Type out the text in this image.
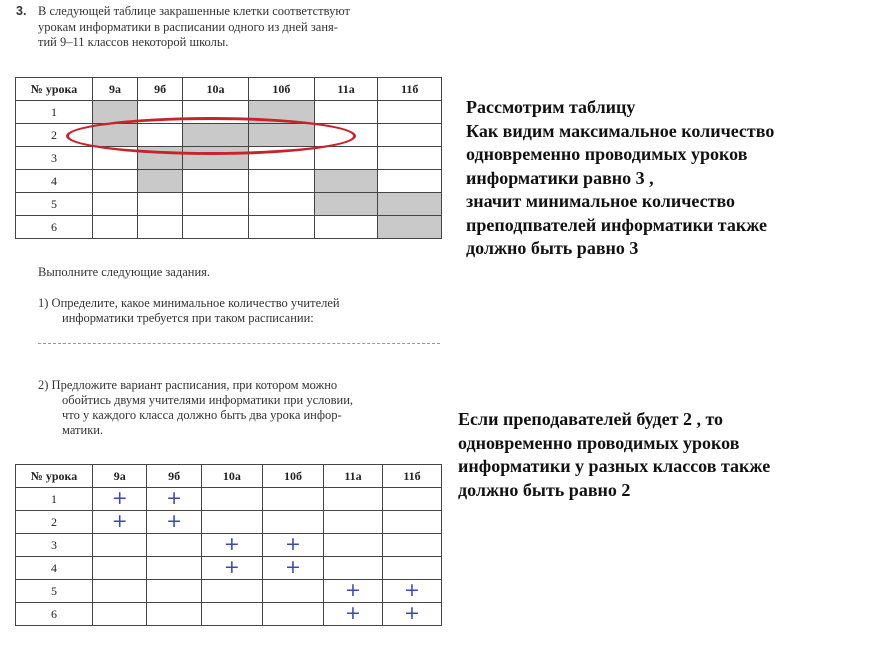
3. В следующей таблице закрашенные клетки соответствуют
урокам информатики в расписании одного из дней заня-
тий 9–11 классов некоторой школы.
№ урока	9а	9б	10а	10б	11а	11б
1						
2						
3						
4						
5						
6						
Выполните следующие задания.
1) Определите, какое минимальное количество учителей
информатики требуется при таком расписании:
2) Предложите вариант расписания, при котором можно
обойтись двумя учителями информатики при условии,
что у каждого класса должно быть два урока инфор-
матики.
№ урока	9а	9б	10а	10б	11а	11б
1	+	+				
2	+	+				
3			+	+		
4			+	+		
5					+	+
6					+	+
Рассмотрим таблицу
Как видим максимальное количество
одновременно проводимых уроков
информатики равно 3 ,
значит минимальное количество
преподпвателей информатики также
должно быть равно 3
Если преподавателей будет 2 , то
одновременно проводимых уроков
информатики у разных классов также
должно быть равно 2
